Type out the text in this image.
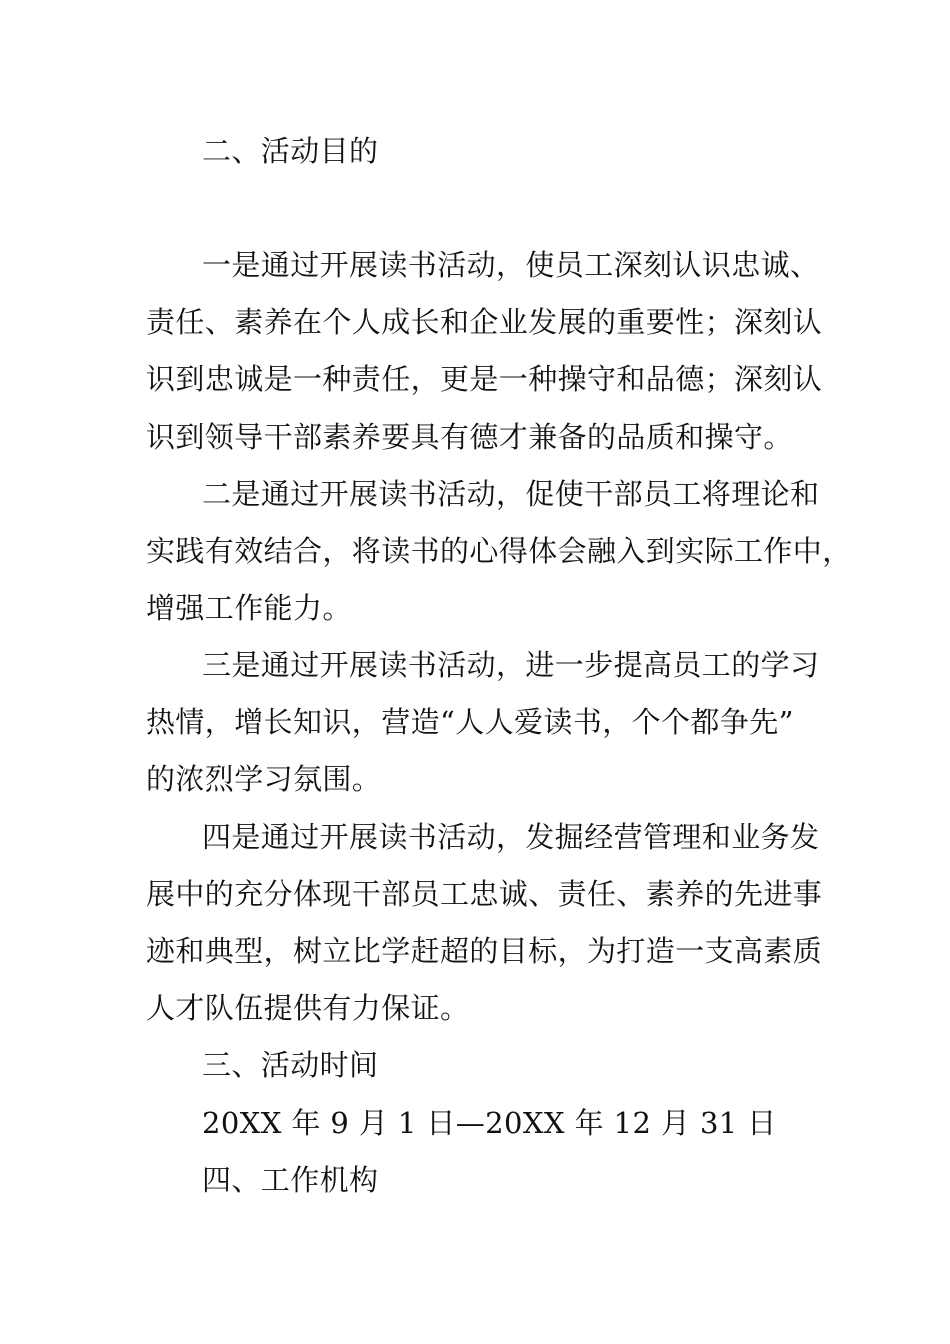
二、活动目的
一是通过开展读书活动，使员工深刻认识忠诚、
责任、素养在个人成长和企业发展的重要性；深刻认
识到忠诚是一种责任，更是一种操守和品德；深刻认
识到领导干部素养要具有德才兼备的品质和操守。
二是通过开展读书活动，促使干部员工将理论和
实践有效结合，将读书的心得体会融入到实际工作中，
增强工作能力。
三是通过开展读书活动，进一步提高员工的学习
热情，增长知识，营造“人人爱读书，个个都争先”
的浓烈学习氛围。
四是通过开展读书活动，发掘经营管理和业务发
展中的充分体现干部员工忠诚、责任、素养的先进事
迹和典型，树立比学赶超的目标，为打造一支高素质
人才队伍提供有力保证。
三、活动时间
20XX 年 9 月 1 日—20XX 年 12 月 31 日
四、工作机构
